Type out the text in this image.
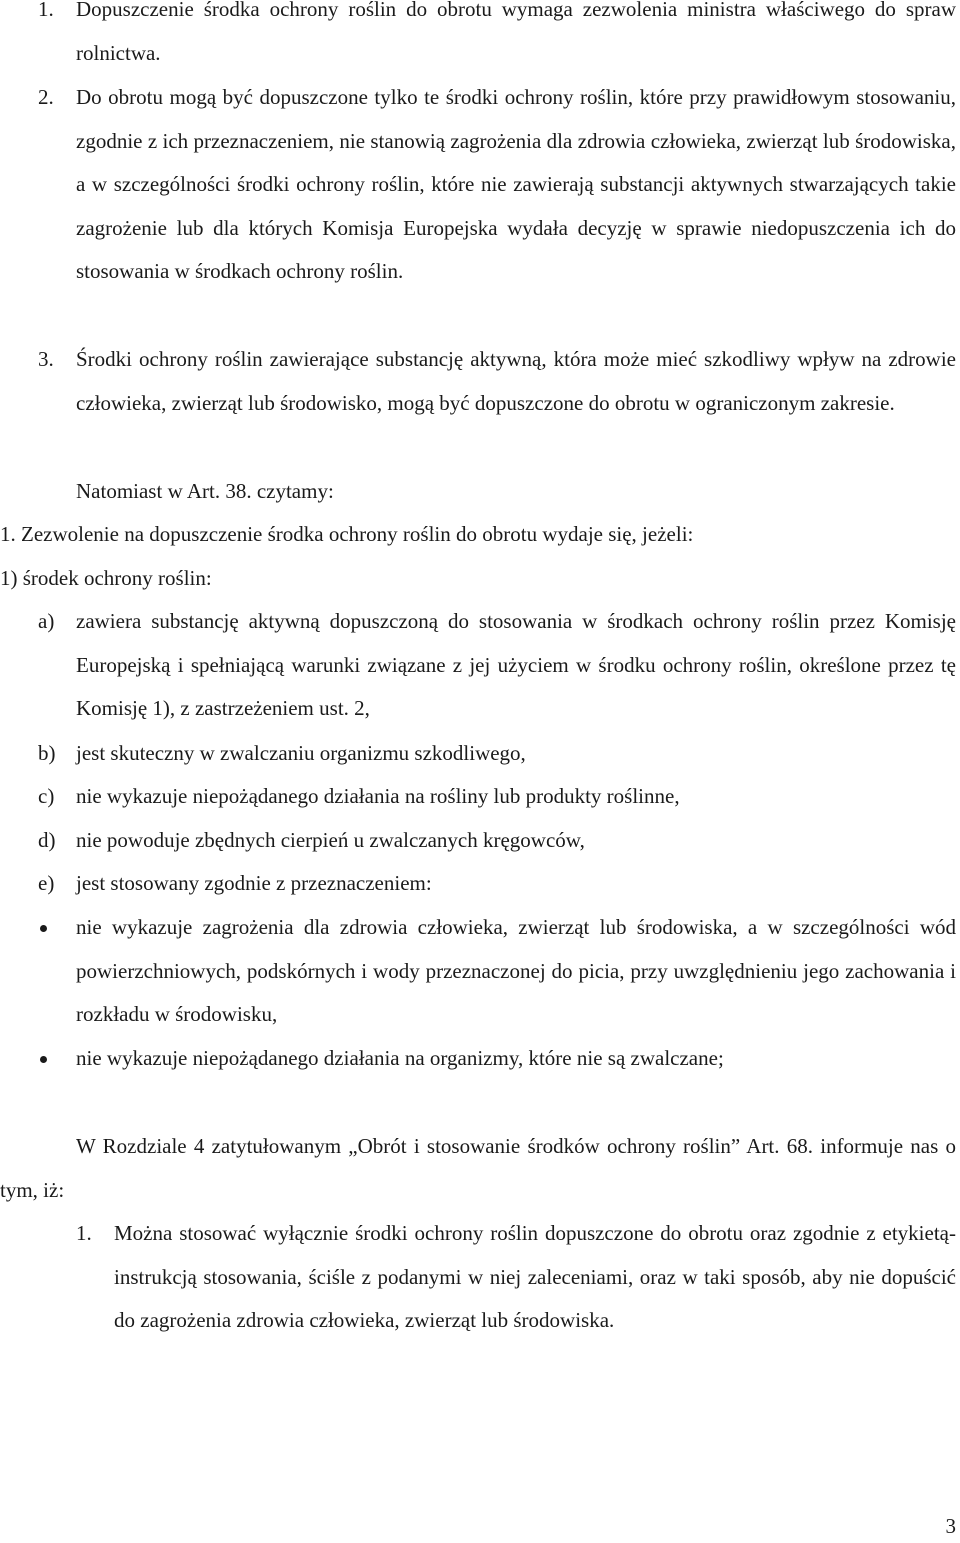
1.	Dopuszczenie środka ochrony roślin do obrotu wymaga zezwolenia ministra właściwego do spraw rolnictwa.
2.	Do obrotu mogą być dopuszczone tylko te środki ochrony roślin, które przy prawidłowym stosowaniu, zgodnie z ich przeznaczeniem, nie stanowią zagrożenia dla zdrowia człowieka, zwierząt lub środowiska, a w szczególności środki ochrony roślin, które nie zawierają substancji aktywnych stwarzających takie zagrożenie lub dla których Komisja Europejska wydała decyzję w sprawie niedopuszczenia ich do stosowania w środkach ochrony roślin.
3.	Środki ochrony roślin zawierające substancję aktywną, która może mieć szkodliwy wpływ na zdrowie człowieka, zwierząt lub środowisko, mogą być dopuszczone do obrotu w ograniczonym zakresie.
Natomiast w Art. 38. czytamy:
1. Zezwolenie na dopuszczenie środka ochrony roślin do obrotu wydaje się, jeżeli:
1) środek ochrony roślin:
a)	zawiera substancję aktywną dopuszczoną do stosowania w środkach ochrony roślin przez Komisję Europejską i spełniającą warunki związane z jej użyciem w środku ochrony roślin, określone przez tę Komisję 1), z zastrzeżeniem ust. 2,
b) jest skuteczny w zwalczaniu organizmu szkodliwego,
c)	nie wykazuje niepożądanego działania na rośliny lub produkty roślinne,
d) nie powoduje zbędnych cierpień u zwalczanych kręgowców,
e)	jest stosowany zgodnie z przeznaczeniem:
nie wykazuje zagrożenia dla zdrowia człowieka, zwierząt lub środowiska, a w szczególności wód powierzchniowych, podskórnych i wody przeznaczonej do picia, przy uwzględnieniu jego zachowania i rozkładu w środowisku,
nie wykazuje niepożądanego działania na organizmy, które nie są zwalczane;
W Rozdziale 4 zatytułowanym „Obrót i stosowanie środków ochrony roślin” Art. 68. informuje nas o tym, iż:
1.	Można stosować wyłącznie środki ochrony roślin dopuszczone do obrotu oraz zgodnie z etykietą-instrukcją stosowania, ściśle z podanymi w niej zaleceniami, oraz w taki sposób, aby nie dopuścić do zagrożenia zdrowia człowieka, zwierząt lub środowiska.
3
